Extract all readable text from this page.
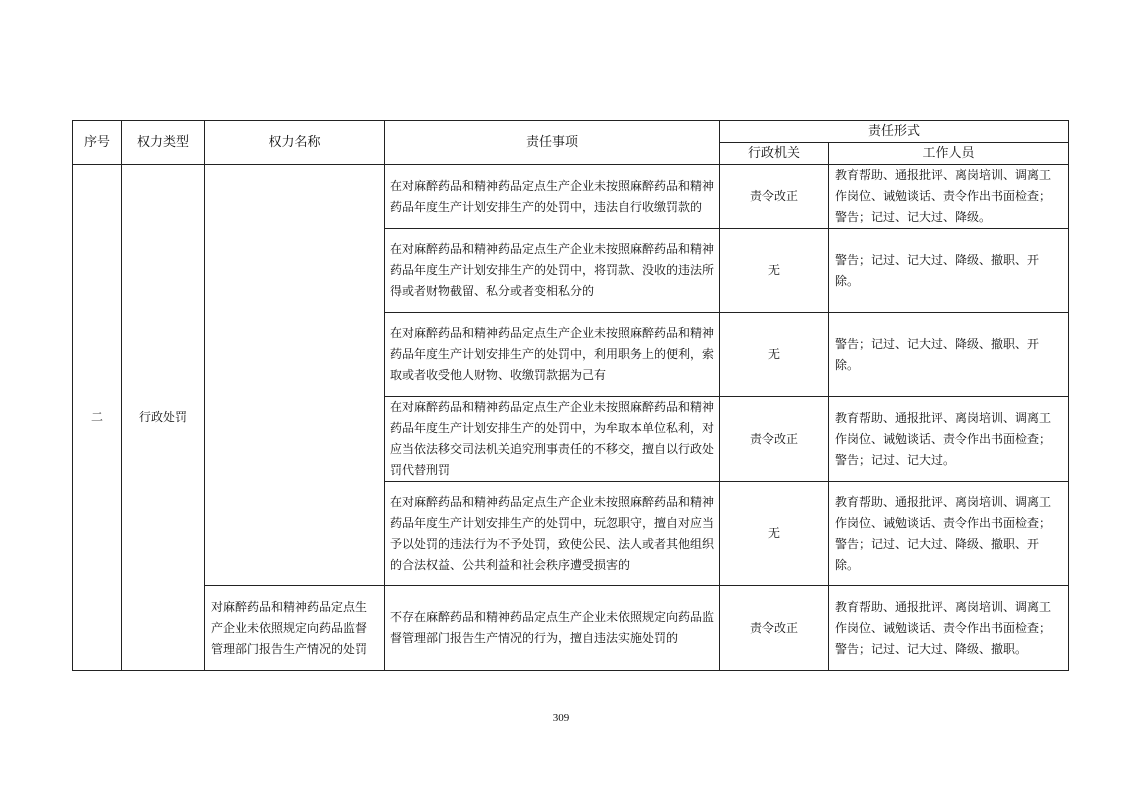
序号	权力类型	权力名称	责任事项	责任形式	
				行政机关	工作人员
二	行政处罚		在对麻醉药品和精神药品定点生产企业未按照麻醉药品和精神药品年度生产计划安排生产的处罚中，违法自行收缴罚款的	责令改正	教育帮助、通报批评、离岗培训、调离工作岗位、诫勉谈话、责令作出书面检查；警告；记过、记大过、降级。
			在对麻醉药品和精神药品定点生产企业未按照麻醉药品和精神药品年度生产计划安排生产的处罚中，将罚款、没收的违法所得或者财物截留、私分或者变相私分的	无	警告；记过、记大过、降级、撤职、开除。
			在对麻醉药品和精神药品定点生产企业未按照麻醉药品和精神药品年度生产计划安排生产的处罚中，利用职务上的便利，索取或者收受他人财物、收缴罚款据为己有	无	警告；记过、记大过、降级、撤职、开除。
			在对麻醉药品和精神药品定点生产企业未按照麻醉药品和精神药品年度生产计划安排生产的处罚中，为牟取本单位私利，对应当依法移交司法机关追究刑事责任的不移交，擅自以行政处罚代替刑罚	责令改正	教育帮助、通报批评、离岗培训、调离工作岗位、诫勉谈话、责令作出书面检查；警告；记过、记大过。
			在对麻醉药品和精神药品定点生产企业未按照麻醉药品和精神药品年度生产计划安排生产的处罚中，玩忽职守，擅自对应当予以处罚的违法行为不予处罚，致使公民、法人或者其他组织的合法权益、公共利益和社会秩序遭受损害的	无	教育帮助、通报批评、离岗培训、调离工作岗位、诫勉谈话、责令作出书面检查；警告；记过、记大过、降级、撤职、开除。
		对麻醉药品和精神药品定点生产企业未依照规定向药品监督管理部门报告生产情况的处罚	不存在麻醉药品和精神药品定点生产企业未依照规定向药品监督管理部门报告生产情况的行为，擅自违法实施处罚的	责令改正	教育帮助、通报批评、离岗培训、调离工作岗位、诫勉谈话、责令作出书面检查；警告；记过、记大过、降级、撤职。
309
